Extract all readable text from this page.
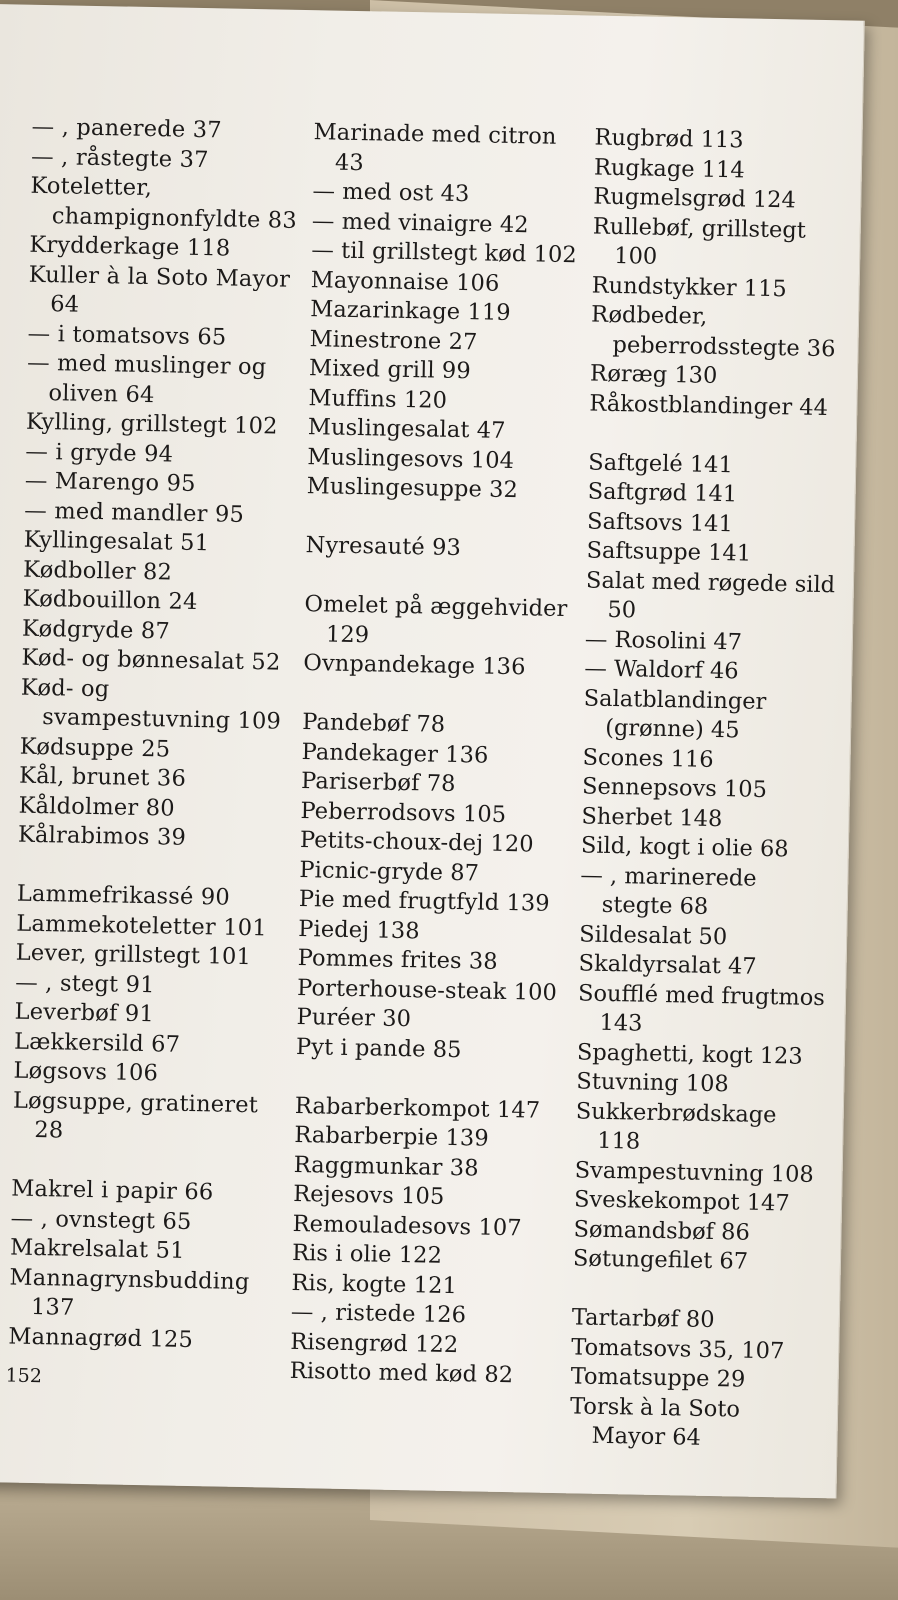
— , panerede 37
— , råstegte 37
Koteletter, champignonfyldte 83
Krydderkage 118
Kuller à la Soto Mayor 64
— i tomatsovs 65
— med muslinger og oliven 64
Kylling, grillstegt 102
— i gryde 94
— Marengo 95
— med mandler 95
Kyllingesalat 51
Kødboller 82
Kødbouillon 24
Kødgryde 87
Kød- og bønnesalat 52
Kød- og svampestuvning 109
Kødsuppe 25
Kål, brunet 36
Kåldolmer 80
Kålrabimos 39
Lammefrikassé 90
Lammekoteletter 101
Lever, grillstegt 101
— , stegt 91
Leverbøf 91
Lækkersild 67
Løgsovs 106
Løgsuppe, gratineret 28
Makrel i papir 66
— , ovnstegt 65
Makrelsalat 51
Mannagrynsbudding 137
Mannagrød 125
Marinade med citron 43
— med ost 43
— med vinaigre 42
— til grillstegt kød 102
Mayonnaise 106
Mazarinkage 119
Minestrone 27
Mixed grill 99
Muffins 120
Muslingesalat 47
Muslingesovs 104
Muslingesuppe 32
Nyresauté 93
Omelet på æggehvider 129
Ovnpandekage 136
Pandebøf 78
Pandekager 136
Pariserbøf 78
Peberrodsovs 105
Petits-choux-dej 120
Picnic-gryde 87
Pie med frugtfyld 139
Piedej 138
Pommes frites 38
Porterhouse-steak 100
Puréer 30
Pyt i pande 85
Rabarberkompot 147
Rabarberpie 139
Raggmunkar 38
Rejesovs 105
Remouladesovs 107
Ris i olie 122
Ris, kogte 121
— , ristede 126
Risengrød 122
Risotto med kød 82
Rugbrød 113
Rugkage 114
Rugmelsgrød 124
Rullebøf, grillstegt 100
Rundstykker 115
Rødbeder, peberrodsstegte 36
Røræg 130
Råkostblandinger 44
Saftgelé 141
Saftgrød 141
Saftsovs 141
Saftsuppe 141
Salat med røgede sild 50
— Rosolini 47
— Waldorf 46
Salatblandinger (grønne) 45
Scones 116
Sennepsovs 105
Sherbet 148
Sild, kogt i olie 68
— , marinerede stegte 68
Sildesalat 50
Skaldyrsalat 47
Soufflé med frugtmos 143
Spaghetti, kogt 123
Stuvning 108
Sukkerbrødskage 118
Svampestuvning 108
Sveskekompot 147
Sømandsbøf 86
Søtungefilet 67
Tartarbøf 80
Tomatsovs 35, 107
Tomatsuppe 29
Torsk à la Soto Mayor 64
152
